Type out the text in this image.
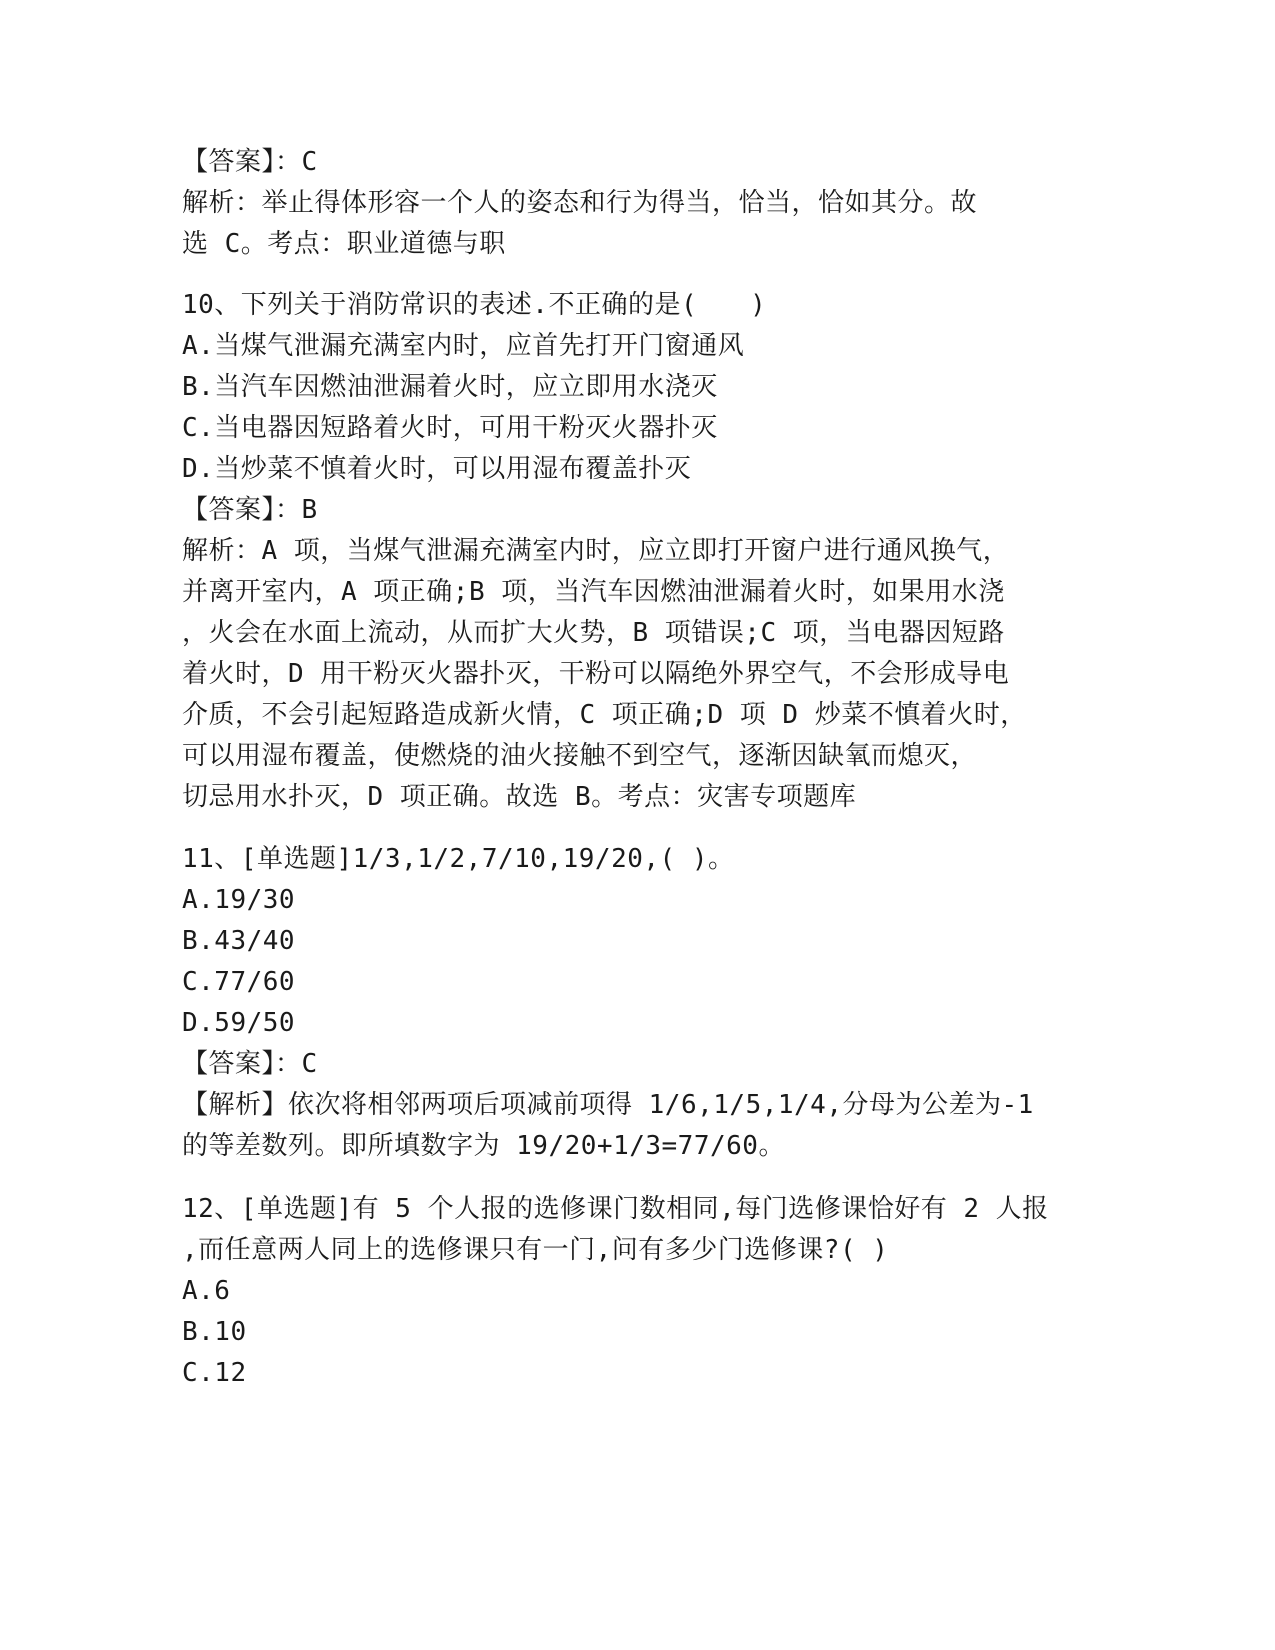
【答案】：C
解析：举止得体形容一个人的姿态和行为得当，恰当，恰如其分。故
选 C。考点：职业道德与职
10、下列关于消防常识的表述.不正确的是(　　)
A.当煤气泄漏充满室内时，应首先打开门窗通风
B.当汽车因燃油泄漏着火时，应立即用水浇灭
C.当电器因短路着火时，可用干粉灭火器扑灭
D.当炒菜不慎着火时，可以用湿布覆盖扑灭
【答案】：B
解析：A 项，当煤气泄漏充满室内时，应立即打开窗户进行通风换气，
并离开室内，A 项正确;B 项，当汽车因燃油泄漏着火时，如果用水浇
，火会在水面上流动，从而扩大火势，B 项错误;C 项，当电器因短路
着火时，D 用干粉灭火器扑灭，干粉可以隔绝外界空气，不会形成导电
介质，不会引起短路造成新火情，C 项正确;D 项 D 炒菜不慎着火时，
可以用湿布覆盖，使燃烧的油火接触不到空气，逐渐因缺氧而熄灭，
切忌用水扑灭，D 项正确。故选 B。考点：灾害专项题库
11、[单选题]1/3,1/2,7/10,19/20,( )。
A.19/30
B.43/40
C.77/60
D.59/50
【答案】：C
【解析】依次将相邻两项后项减前项得 1/6,1/5,1/4,分母为公差为-1
的等差数列。即所填数字为 19/20+1/3=77/60。
12、[单选题]有 5 个人报的选修课门数相同,每门选修课恰好有 2 人报
,而任意两人同上的选修课只有一门,问有多少门选修课?( )
A.6
B.10
C.12
